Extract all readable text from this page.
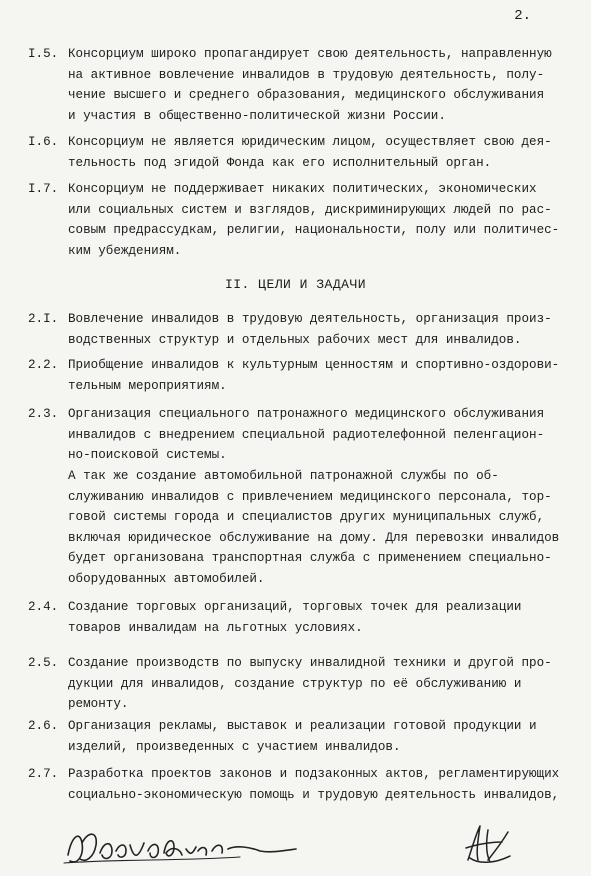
2.
I.5. Консорциум широко пропагандирует свою деятельность, направленную
на активное вовлечение инвалидов в трудовую деятельность, полу-
чение высшего и среднего образования, медицинского обслуживания
и участия в общественно-политической жизни России.
I.6. Консорциум не является юридическим лицом, осуществляет свою дея-
тельность под эгидой Фонда как его исполнительный орган.
I.7. Консорциум не поддерживает никаких политических, экономических
или социальных систем и взглядов, дискриминирующих людей по рас-
совым предрассудкам, религии, национальности, полу или политичес-
ким убеждениям.
II. ЦЕЛИ И ЗАДАЧИ
2.I. Вовлечение инвалидов в трудовую деятельность, организация произ-
водственных структур и отдельных рабочих мест для инвалидов.
2.2. Приобщение инвалидов к культурным ценностям и спортивно-оздорови-
тельным мероприятиям.
2.3. Организация специального патронажного медицинского обслуживания
инвалидов с внедрением специальной радиотелефонной пеленгацион-
но-поисковой системы.
А так же создание автомобильной патронажной службы по об-
служиванию инвалидов с привлечением медицинского персонала, тор-
говой системы города и специалистов других муниципальных служб,
включая юридическое обслуживание на дому. Для перевозки инвалидов
будет организована транспортная служба с применением специально-
оборудованных автомобилей.
2.4. Создание торговых организаций, торговых точек для реализации
товаров инвалидам на льготных условиях.
2.5. Создание производств по выпуску инвалидной техники и другой про-
дукции для инвалидов, создание структур по её обслуживанию и
ремонту.
2.6. Организация рекламы, выставок и реализации готовой продукции и
изделий, произведенных с участием инвалидов.
2.7. Разработка проектов законов и подзаконных актов, регламентирующих
социально-экономическую помощь и трудовую деятельность инвалидов,
